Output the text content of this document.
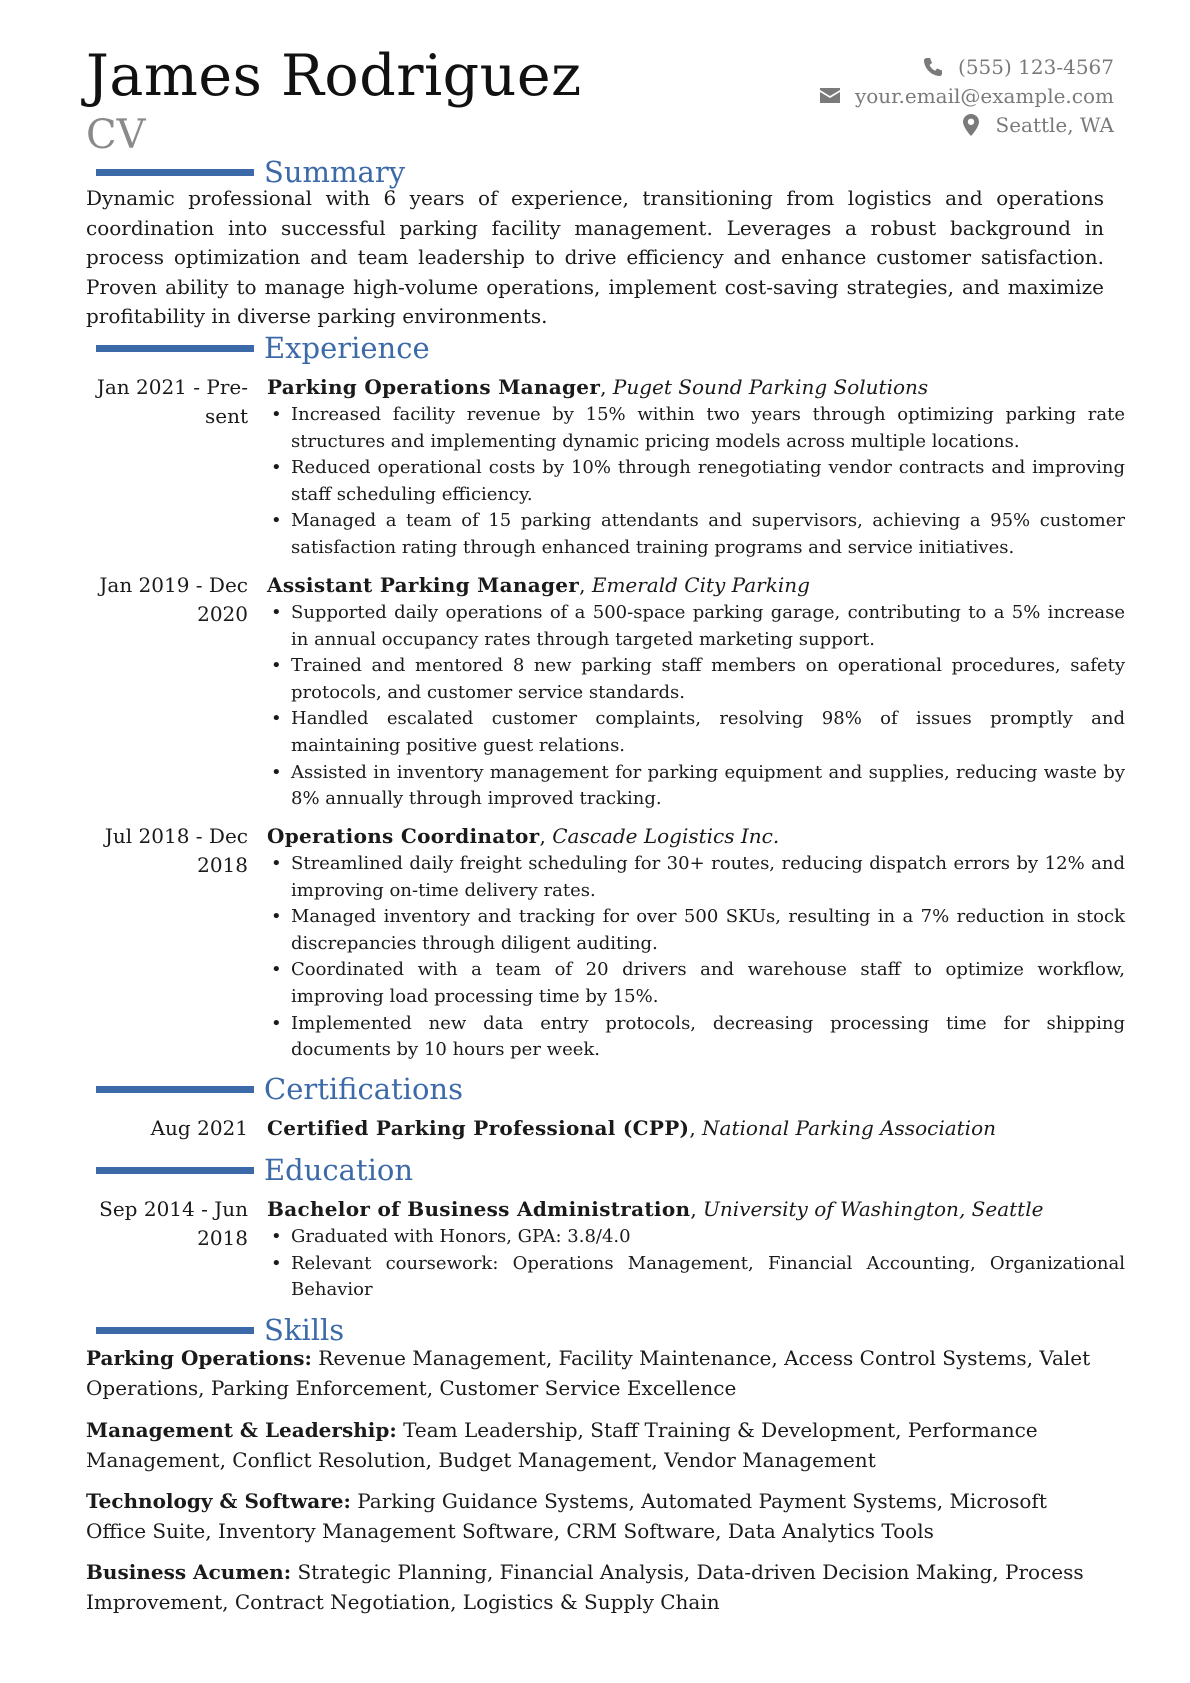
James Rodriguez
CV
(555) 123-4567
your.email@example.com
Seattle, WA
Summary
Dynamic professional with 6 years of experience, transitioning from logistics and operations coordination into successful parking facility management. Leverages a robust background in process optimization and team leadership to drive efficiency and enhance customer satisfaction. Proven ability to manage high-volume operations, implement cost-saving strategies, and maximize profitability in diverse parking environments.
Experience
Jan 2021 - Pre-
sent
Parking Operations Manager, Puget Sound Parking Solutions
• Increased facility revenue by 15% within two years through optimizing parking rate structures and implementing dynamic pricing models across multiple locations.
• Reduced operational costs by 10% through renegotiating vendor contracts and improving staff scheduling efficiency.
• Managed a team of 15 parking attendants and supervisors, achieving a 95% customer satisfaction rating through enhanced training programs and service initiatives.
Jan 2019 - Dec
2020
Assistant Parking Manager, Emerald City Parking
• Supported daily operations of a 500-space parking garage, contributing to a 5% increase in annual occupancy rates through targeted marketing support.
• Trained and mentored 8 new parking staff members on operational procedures, safety protocols, and customer service standards.
• Handled escalated customer complaints, resolving 98% of issues promptly and maintaining positive guest relations.
• Assisted in inventory management for parking equipment and supplies, reducing waste by 8% annually through improved tracking.
Jul 2018 - Dec
2018
Operations Coordinator, Cascade Logistics Inc.
• Streamlined daily freight scheduling for 30+ routes, reducing dispatch errors by 12% and improving on-time delivery rates.
• Managed inventory and tracking for over 500 SKUs, resulting in a 7% reduction in stock discrepancies through diligent auditing.
• Coordinated with a team of 20 drivers and warehouse staff to optimize workflow, improving load processing time by 15%.
• Implemented new data entry protocols, decreasing processing time for shipping documents by 10 hours per week.
Certifications
Aug 2021 Certified Parking Professional (CPP), National Parking Association
Education
Sep 2014 - Jun
2018
Bachelor of Business Administration, University of Washington, Seattle
• Graduated with Honors, GPA: 3.8/4.0
• Relevant coursework: Operations Management, Financial Accounting, Organizational Behavior
Skills
Parking Operations: Revenue Management, Facility Maintenance, Access Control Systems, Valet Operations, Parking Enforcement, Customer Service Excellence
Management & Leadership: Team Leadership, Staff Training & Development, Performance Management, Conflict Resolution, Budget Management, Vendor Management
Technology & Software: Parking Guidance Systems, Automated Payment Systems, Microsoft Office Suite, Inventory Management Software, CRM Software, Data Analytics Tools
Business Acumen: Strategic Planning, Financial Analysis, Data-driven Decision Making, Process Improvement, Contract Negotiation, Logistics & Supply Chain
